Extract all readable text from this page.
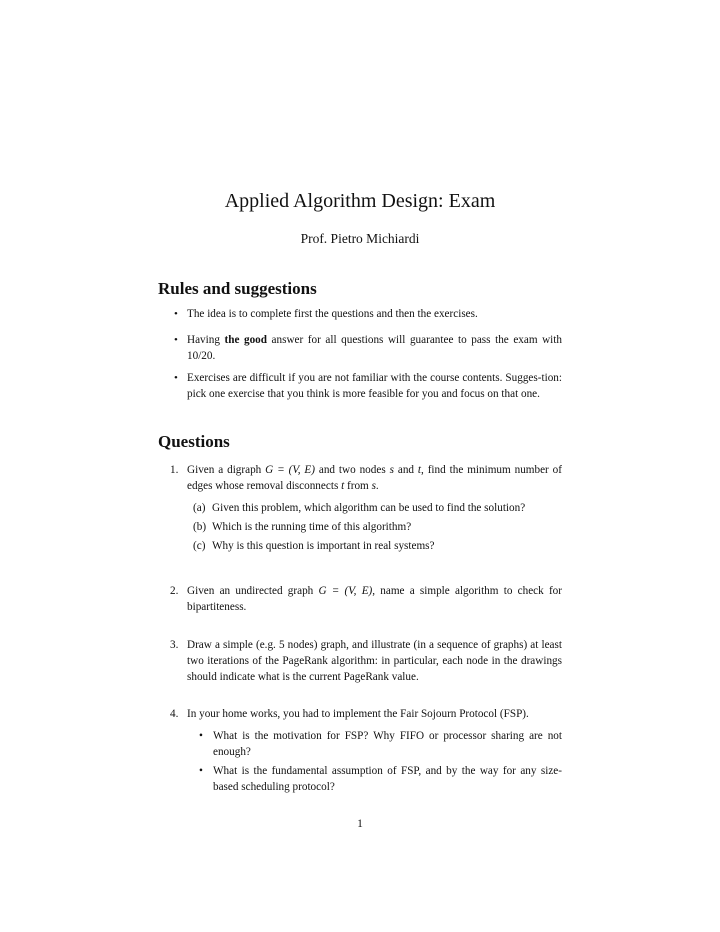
Applied Algorithm Design: Exam
Prof. Pietro Michiardi
Rules and suggestions
• The idea is to complete first the questions and then the exercises.
• Having the good answer for all questions will guarantee to pass the exam with 10/20.
• Exercises are difficult if you are not familiar with the course contents. Sugges-tion: pick one exercise that you think is more feasible for you and focus on that one.
Questions
1. Given a digraph G = (V, E) and two nodes s and t, find the minimum number of edges whose removal disconnects t from s.
(a) Given this problem, which algorithm can be used to find the solution?
(b) Which is the running time of this algorithm?
(c) Why is this question is important in real systems?
2. Given an undirected graph G = (V, E), name a simple algorithm to check for bipartiteness.
3. Draw a simple (e.g. 5 nodes) graph, and illustrate (in a sequence of graphs) at least two iterations of the PageRank algorithm: in particular, each node in the drawings should indicate what is the current PageRank value.
4. In your home works, you had to implement the Fair Sojourn Protocol (FSP).
• What is the motivation for FSP? Why FIFO or processor sharing are not enough?
• What is the fundamental assumption of FSP, and by the way for any size-based scheduling protocol?
1
